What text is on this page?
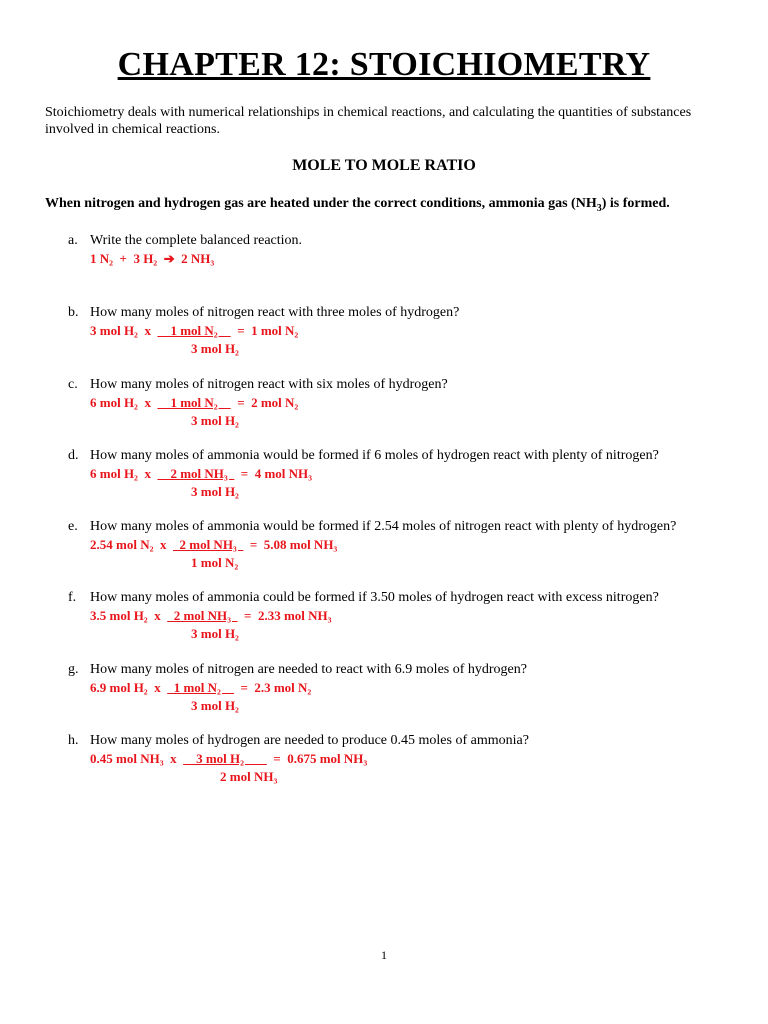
CHAPTER 12: STOICHIOMETRY
Stoichiometry deals with numerical relationships in chemical reactions, and calculating the quantities of substances involved in chemical reactions.
MOLE TO MOLE RATIO
When nitrogen and hydrogen gas are heated under the correct conditions, ammonia gas $(NH_3)$ is formed.
a. Write the complete balanced reaction.
1 N₂  +  3 H₂ ➔ 2 NH₃
b. How many moles of nitrogen react with three moles of hydrogen?
3 mol H₂  x      1 mol N₂      =  1 mol N₂
3 mol H₂
c. How many moles of nitrogen react with six moles of hydrogen?
6 mol H₂  x      1 mol N₂      =  2 mol N₂
3 mol H₂
d. How many moles of ammonia would be formed if 6 moles of hydrogen react with plenty of nitrogen?
6 mol H₂  x      2 mol NH₃    =  4 mol NH₃
3 mol H₂
e. How many moles of ammonia would be formed if 2.54 moles of nitrogen react with plenty of hydrogen?
2.54 mol N₂  x    2 mol NH₃    =  5.08 mol NH₃
1 mol N₂
f. How many moles of ammonia could be formed if 3.50 moles of hydrogen react with excess nitrogen?
3.5 mol H₂  x    2 mol NH₃    =  2.33 mol NH₃
3 mol H₂
g. How many moles of nitrogen are needed to react with 6.9 moles of hydrogen?
6.9 mol H₂  x    1 mol N₂      =  2.3 mol N₂
3 mol H₂
h. How many moles of hydrogen are needed to produce 0.45 moles of ammonia?
0.45 mol NH₃  x      3 mol H₂         =  0.675 mol NH₃
2 mol NH₃
1
